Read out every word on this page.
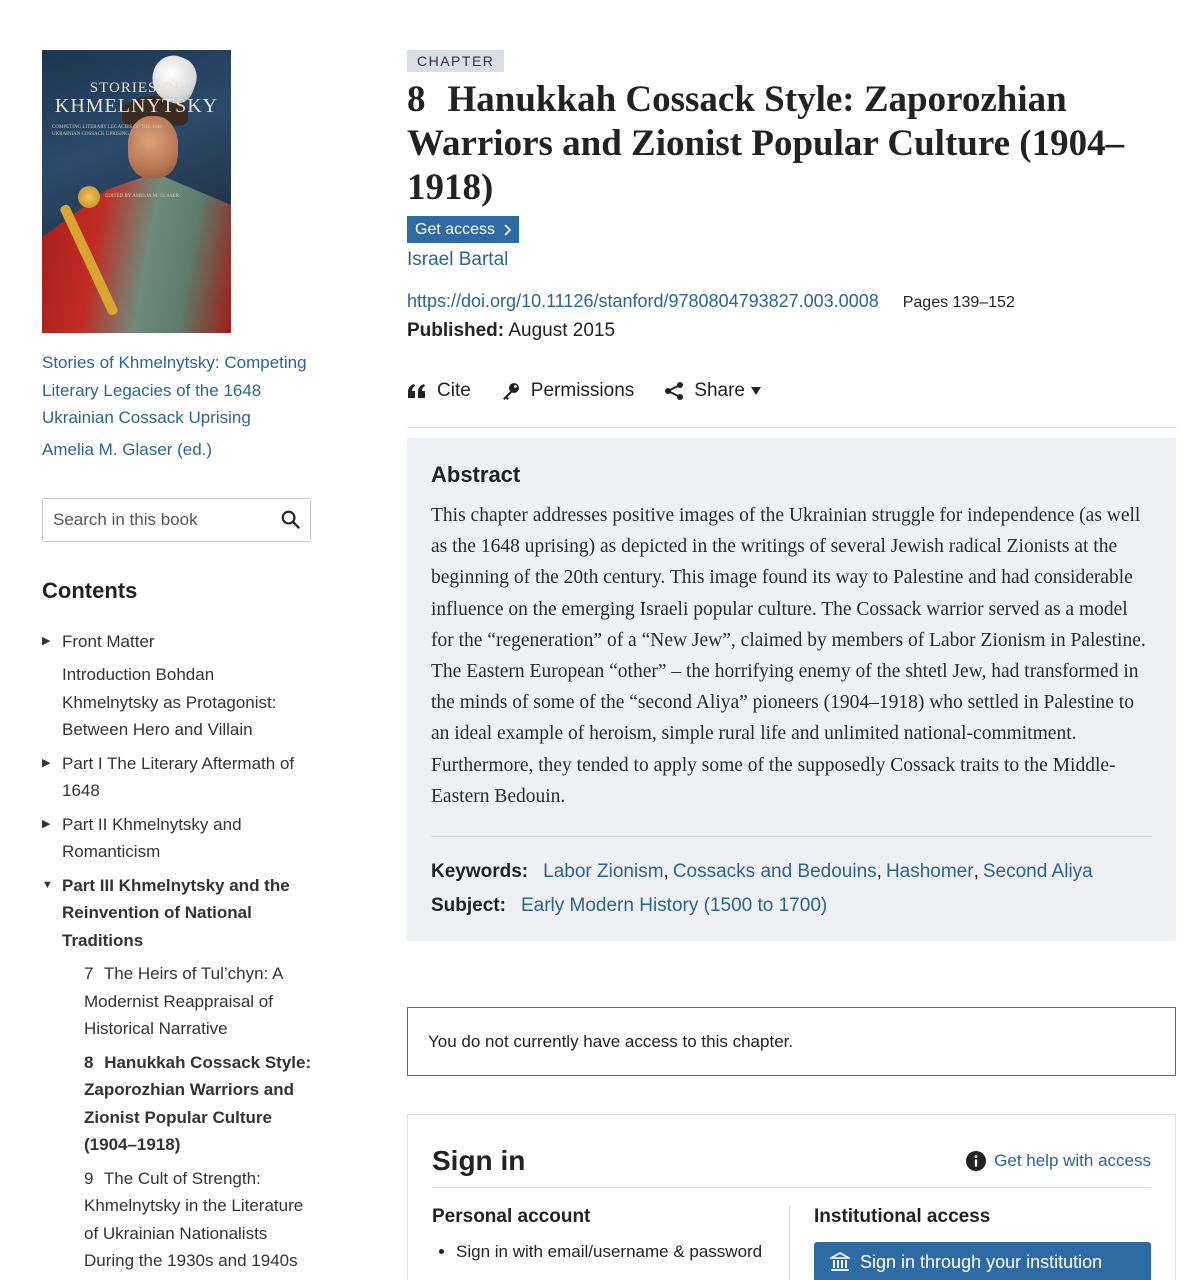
STORIES OF
KHMELNYTSKY
COMPETING LITERARY LEGACIES OF THE 1648 UKRAINIAN COSSACK UPRISING
EDITED BY AMELIA M. GLASER
Stories of Khmelnytsky: Competing Literary Legacies of the 1648 Ukrainian Cossack Uprising
Amelia M. Glaser (ed.)
Search in this book
Contents
▶ Front Matter
Introduction Bohdan Khmelnytsky as Protagonist: Between Hero and Villain
▶ Part I The Literary Aftermath of 1648
▶ Part II Khmelnytsky and Romanticism
▼ Part III Khmelnytsky and the Reinvention of National Traditions
7 The Heirs of Tul’chyn: A Modernist Reappraisal of Historical Narrative
8 Hanukkah Cossack Style: Zaporozhian Warriors and Zionist Popular Culture (1904–1918)
9 The Cult of Strength: Khmelnytsky in the Literature of Ukrainian Nationalists During the 1930s and 1940s
CHAPTER
8 Hanukkah Cossack Style: Zaporozhian Warriors and Zionist Popular Culture (1904–1918)
Get access
Israel Bartal
https://doi.org/10.11126/stanford/9780804793827.003.0008 Pages 139–152
Published: August 2015
Cite	Permissions	Share
Abstract

This chapter addresses positive images of the Ukrainian struggle for independence (as well as the 1648 uprising) as depicted in the writings of several Jewish radical Zionists at the beginning of the 20th century. This image found its way to Palestine and had considerable influence on the emerging Israeli popular culture. The Cossack warrior served as a model for the “regeneration” of a “New Jew”, claimed by members of Labor Zionism in Palestine. The Eastern European “other” – the horrifying enemy of the shtetl Jew, had transformed in the minds of some of the “second Aliya” pioneers (1904–1918) who settled in Palestine to an ideal example of heroism, simple rural life and unlimited national-commitment. Furthermore, they tended to apply some of the supposedly Cossack traits to the Middle-Eastern Bedouin.

Keywords: Labor Zionism , Cossacks and Bedouins , Hashomer , Second Aliya
Subject: Early Modern History (1500 to 1700)
You do not currently have access to this chapter.
Sign in	Get help with access
Personal account
• Sign in with email/username & password
Institutional access
Sign in through your institution
